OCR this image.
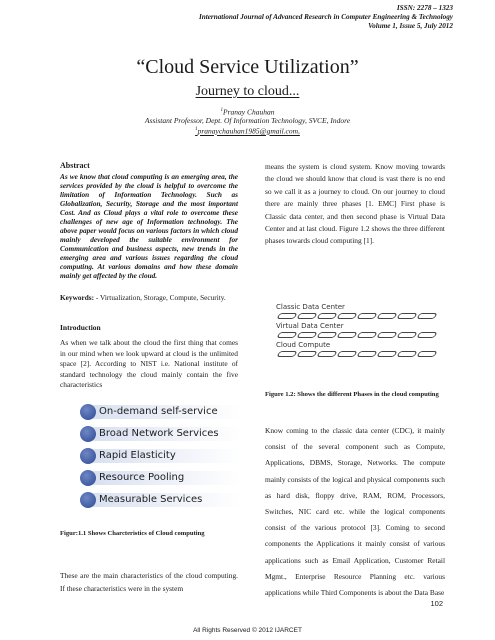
ISSN: 2278 – 1323
International Journal of Advanced Research in Computer Engineering & Technology
Volume 1, Issue 5, July 2012
“Cloud Service Utilization”
Journey to cloud...
$^1$Pranay Chauhan
Assistant Professor, Dept. Of Information Technology, SVCE, Indore
$^1$pranaychauhan1985@gmail.com,
Abstract
As we know that cloud computing is an emerging area, the services provided by the cloud is helpful to overcome the limitation of Information Technology. Such as Globalization, Security, Storage and the most important Cost. And as Cloud plays a vital role to overcome these challenges of new age of Information technology. The above paper would focus on various factors in which cloud mainly developed the suitable environment for Communication and business aspects, new trends in the emerging area and various issues regarding the cloud computing. At various domains and how these domain mainly get affected by the cloud.
Keywords: - Virtualization, Storage, Compute, Security.
Introduction
As when we talk about the cloud the first thing that comes in our mind when we look upward at cloud is the unlimited space [2]. According to NIST i.e. National institute of standard technology the cloud mainly contain the five characteristics
On-demand self-service
Broad Network Services
Rapid Elasticity
Resource Pooling
Measurable Services
Figur:1.1 Shows Charcteristics of Cloud computing
These are the main characteristics of the cloud computing. If these characteristics were in the system
means the system is cloud system. Know moving towards the cloud we should know that cloud is vast there is no end so we call it as a journey to cloud. On our journey to cloud there are mainly three phases [1. EMC] First phase is Classic data center, and then second phase is Virtual Data Center and at last cloud. Figure 1.2 shows the three different phases towards cloud computing [1].
Classic Data Center
Virtual Data Center
Cloud Compute
Figure 1.2: Shows the different Phases in the cloud computing
Know coming to the classic data center (CDC), it mainly consist of the several component such as Compute, Applications, DBMS, Storage, Networks. The compute mainly consists of the logical and physical components such as hard disk, floppy drive, RAM, ROM, Processors, Switches, NIC card etc. while the logical components consist of the various protocol [3]. Coming to second components the Applications it mainly consist of various applications such as Email Application, Customer Retail Mgmt., Enterprise Resource Planning etc. various applications while Third Components is about the Data Base
102
All Rights Reserved © 2012 IJARCET
